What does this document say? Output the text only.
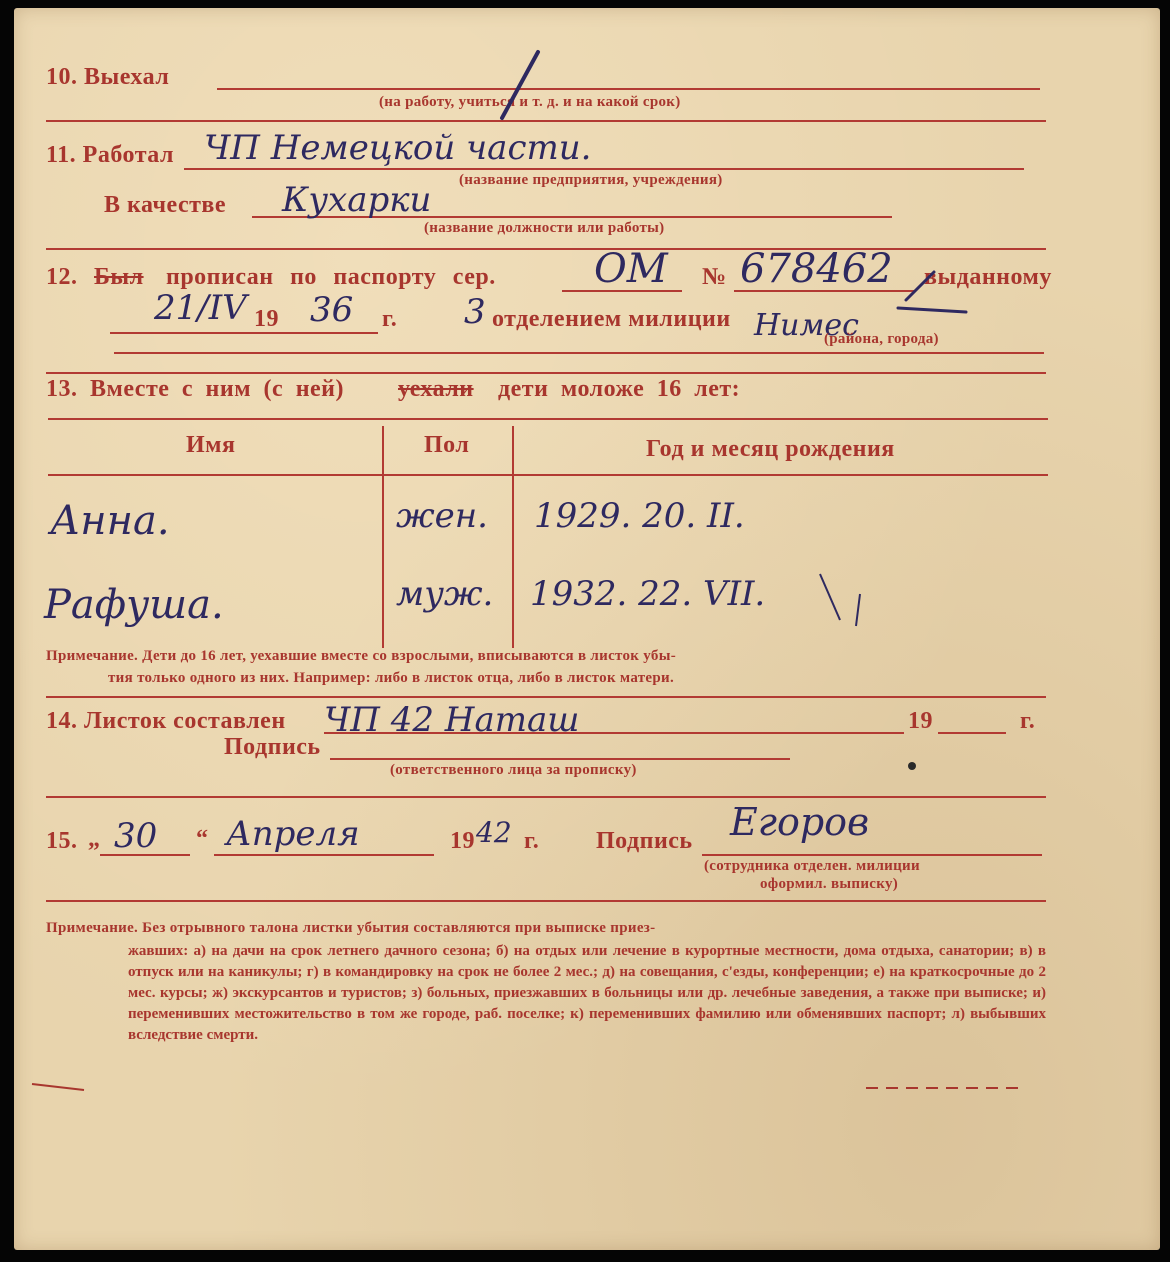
10. Выехал
(на работу, учиться и т. д. и на какой срок)
11. Работал ЧП Немецкой части.
(название предприятия, учреждения)
В качестве Кухарки
(название должности или работы)
12. Был прописан по паспорту сер. ОМ № 678462 выданному
21/IV 19 36 г. 3 отделением милиции Нимес
(района, города)
13. Вместе с ним (с ней) уехали дети моложе 16 лет:
Имя	Пол	Год и месяц рождения
Анна.	жен. 1929. 20. II.
Рафуша.	муж. 1932. 22. VII.
Примечание. Дети до 16 лет, уехавшие вместе со взрослыми, вписываются в листок убы-
тия только одного из них. Например: либо в листок отца, либо в листок матери.
14. Листок составлен ЧП 42 Наташ	19	г.
Подпись
(ответственного лица за прописку)
15. „ 30 “ Апреля	19 42 г. Подпись Егоров
(сотрудника отделен. милиции
оформил. выписку)
Примечание. Без отрывного талона листки убытия составляются при выписке приез-
жавших: а) на дачи на срок летнего дачного сезона; б) на отдых или лечение в курортные местности, дома отдыха, санатории; в) в отпуск или на каникулы; г) в командировку на срок не более 2 мес.; д) на совещания, с'езды, конференции; е) на краткосрочные до 2 мес. курсы; ж) экскурсантов и туристов; з) больных, приезжавших в больницы или др. лечебные заведения, а также при выписке; и) переменивших местожительство в том же городе, раб. поселке; к) переменивших фамилию или обменявших паспорт; л) выбывших вследствие смерти.
